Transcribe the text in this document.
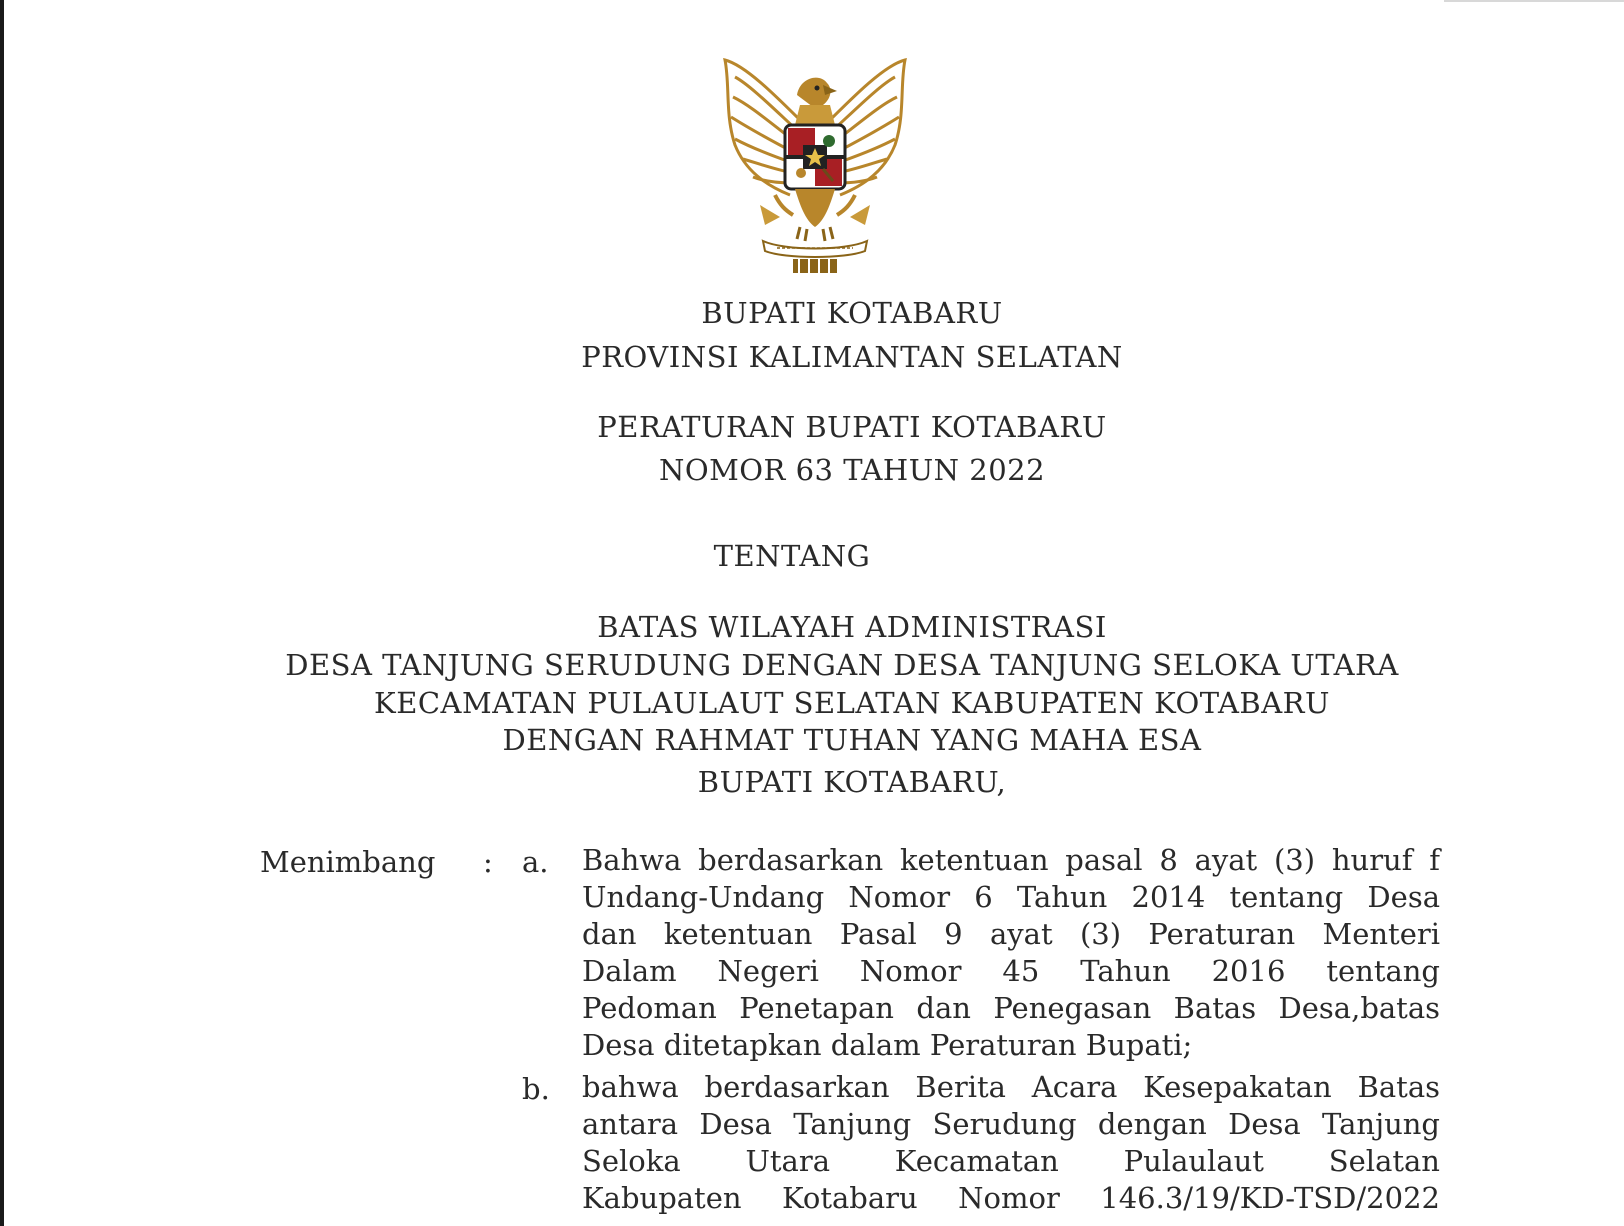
BUPATI KOTABARU
PROVINSI KALIMANTAN SELATAN
PERATURAN BUPATI KOTABARU
NOMOR 63 TAHUN 2022
TENTANG
BATAS WILAYAH ADMINISTRASI
DESA TANJUNG SERUDUNG DENGAN DESA TANJUNG SELOKA UTARA
KECAMATAN PULAULAUT SELATAN KABUPATEN KOTABARU
DENGAN RAHMAT TUHAN YANG MAHA ESA
BUPATI KOTABARU,
Menimbang : a. Bahwa berdasarkan ketentuan pasal 8 ayat (3) huruf f
Undang-Undang Nomor 6 Tahun 2014 tentang Desa
dan ketentuan Pasal 9 ayat (3) Peraturan Menteri
Dalam Negeri Nomor 45 Tahun 2016 tentang
Pedoman Penetapan dan Penegasan Batas Desa,batas
Desa ditetapkan dalam Peraturan Bupati;
b. bahwa berdasarkan Berita Acara Kesepakatan Batas
antara Desa Tanjung Serudung dengan Desa Tanjung
Seloka Utara Kecamatan Pulaulaut Selatan
Kabupaten Kotabaru Nomor 146.3/19/KD-TSD/2022
